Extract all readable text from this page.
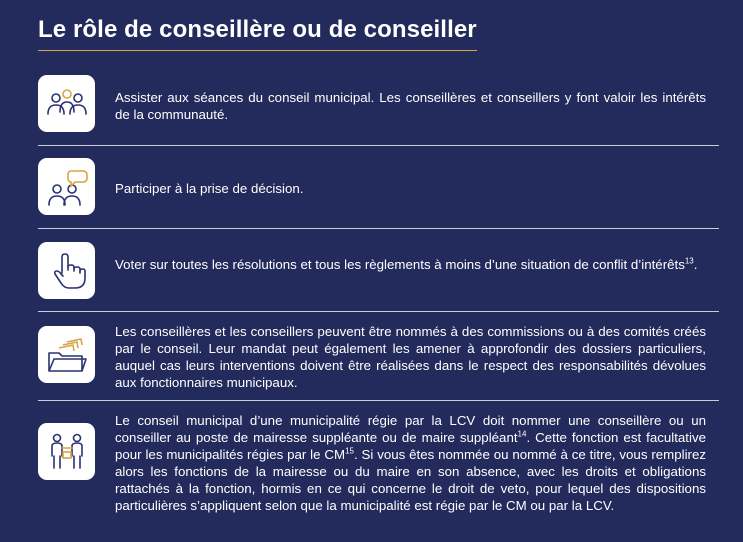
Le rôle de conseillère ou de conseiller
Assister aux séances du conseil municipal. Les conseillères et conseillers y font valoir les intérêts de la communauté.
Participer à la prise de décision.
Voter sur toutes les résolutions et tous les règlements à moins d’une situation de conflit d’intérêts$^{13}$.
Les conseillères et les conseillers peuvent être nommés à des commissions ou à des comités créés par le conseil. Leur mandat peut également les amener à approfondir des dossiers particuliers, auquel cas leurs interventions doivent être réalisées dans le respect des responsabilités dévolues aux fonctionnaires municipaux.
Le conseil municipal d’une municipalité régie par la LCV doit nommer une conseillère ou un conseiller au poste de mairesse suppléante ou de maire suppléant$^{14}$. Cette fonction est facultative pour les municipalités régies par le CM$^{15}$. Si vous êtes nommée ou nommé à ce titre, vous remplirez alors les fonctions de la mairesse ou du maire en son absence, avec les droits et obligations rattachés à la fonction, hormis en ce qui concerne le droit de veto, pour lequel des dispositions particulières s’appliquent selon que la municipalité est régie par le CM ou par la LCV.
